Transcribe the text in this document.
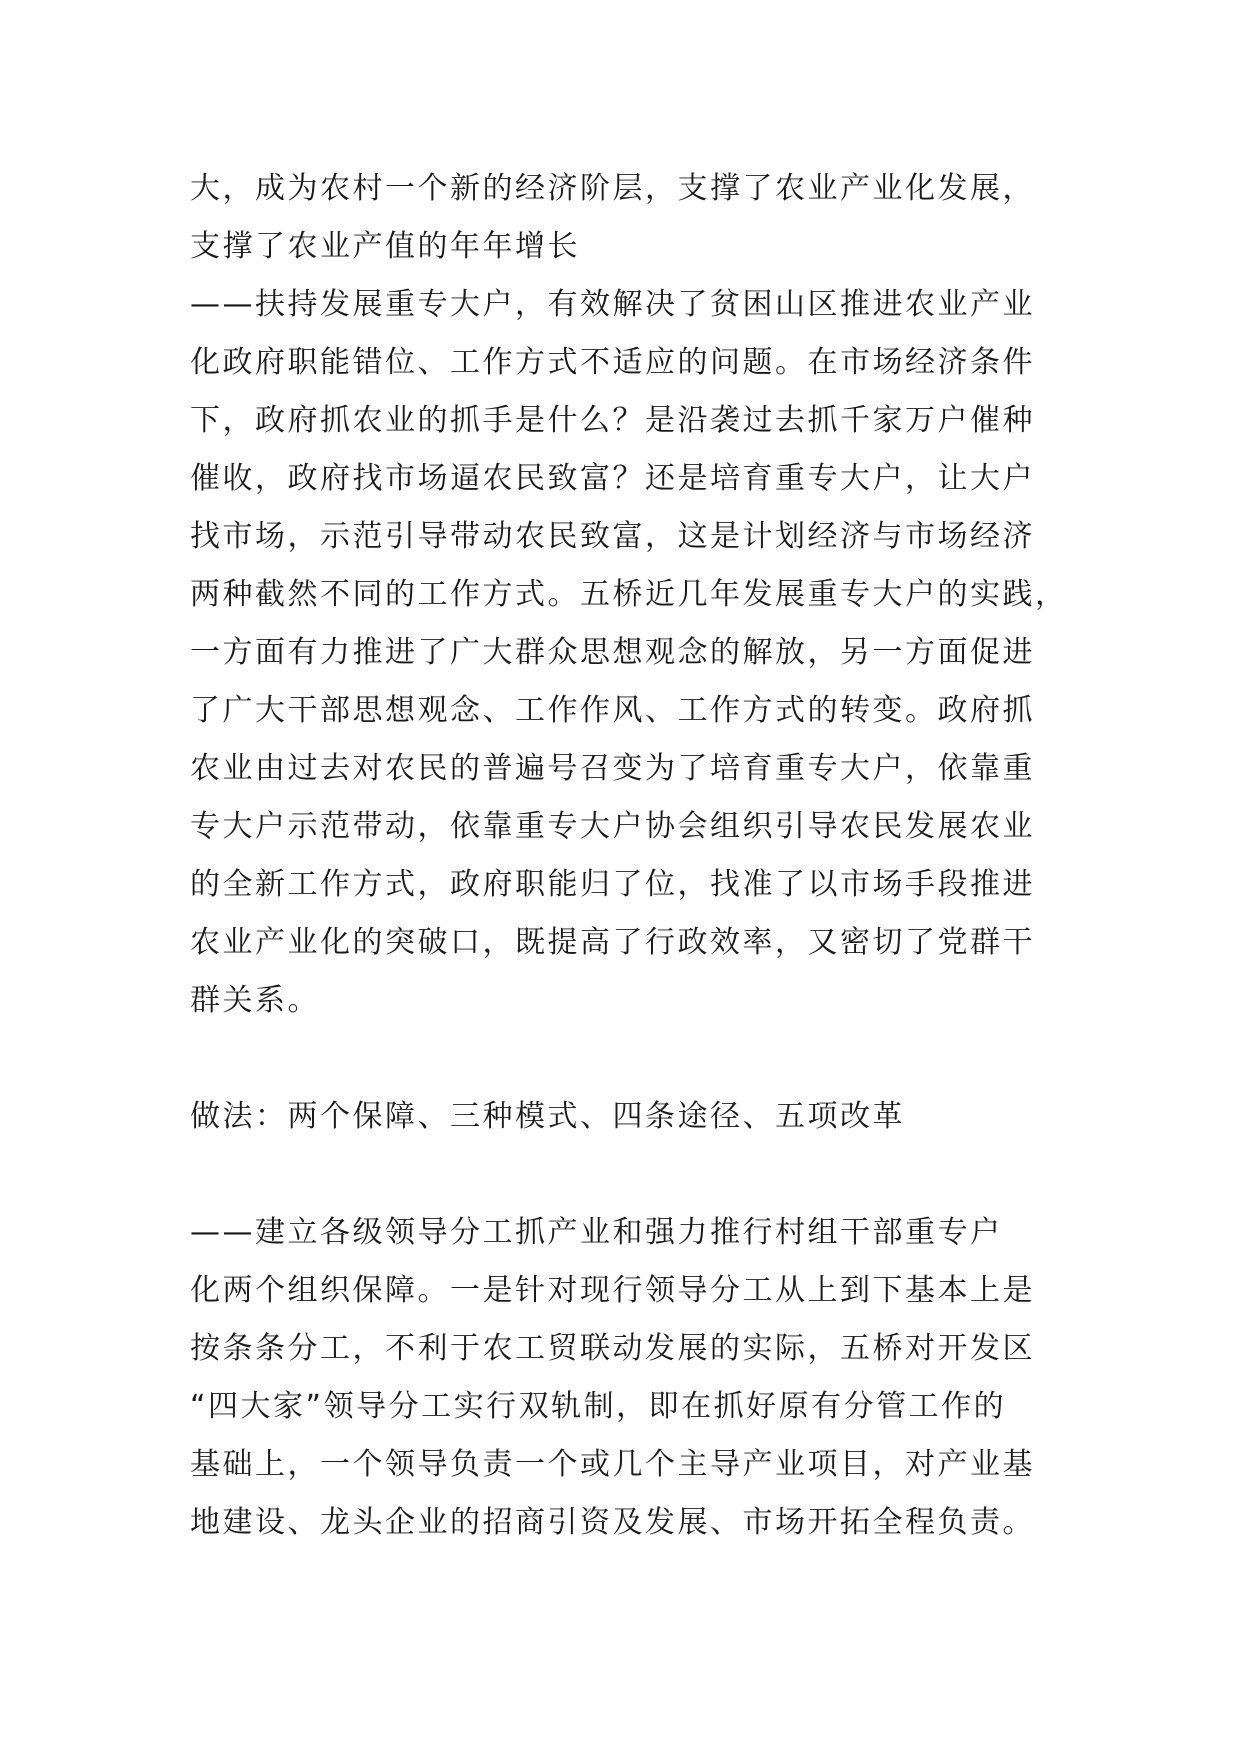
大，成为农村一个新的经济阶层，支撑了农业产业化发展，
支撑了农业产值的年年增长
——扶持发展重专大户，有效解决了贫困山区推进农业产业
化政府职能错位、工作方式不适应的问题。在市场经济条件
下，政府抓农业的抓手是什么？是沿袭过去抓千家万户催种
催收，政府找市场逼农民致富？还是培育重专大户，让大户
找市场，示范引导带动农民致富，这是计划经济与市场经济
两种截然不同的工作方式。五桥近几年发展重专大户的实践，
一方面有力推进了广大群众思想观念的解放，另一方面促进
了广大干部思想观念、工作作风、工作方式的转变。政府抓
农业由过去对农民的普遍号召变为了培育重专大户，依靠重
专大户示范带动，依靠重专大户协会组织引导农民发展农业
的全新工作方式，政府职能归了位，找准了以市场手段推进
农业产业化的突破口，既提高了行政效率，又密切了党群干
群关系。
做法：两个保障、三种模式、四条途径、五项改革
——建立各级领导分工抓产业和强力推行村组干部重专户
化两个组织保障。一是针对现行领导分工从上到下基本上是
按条条分工，不利于农工贸联动发展的实际，五桥对开发区
“四大家”领导分工实行双轨制，即在抓好原有分管工作的
基础上，一个领导负责一个或几个主导产业项目，对产业基
地建设、龙头企业的招商引资及发展、市场开拓全程负责。
